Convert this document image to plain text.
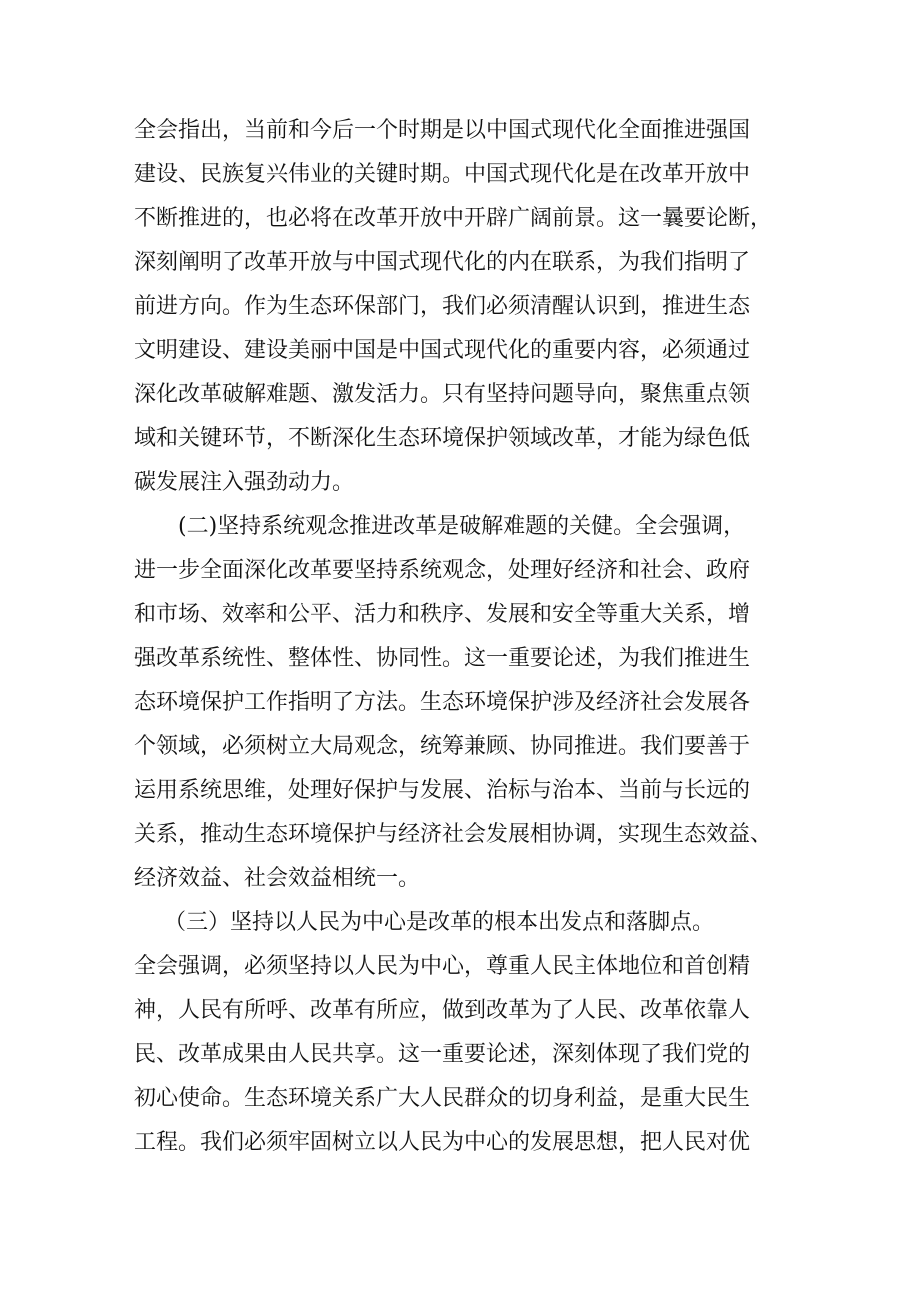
全会指出，当前和今后一个时期是以中国式现代化全面推进强国
建设、民族复兴伟业的关键时期。中国式现代化是在改革开放中
不断推进的，也必将在改革开放中开辟广阔前景。这一曩要论断，
深刻阐明了改革开放与中国式现代化的内在联系，为我们指明了
前进方向。作为生态环保部门，我们必须清醒认识到，推进生态
文明建设、建设美丽中国是中国式现代化的重要内容，必须通过
深化改革破解难题、激发活力。只有坚持问题导向，聚焦重点领
域和关键环节，不断深化生态环境保护领域改革，才能为绿色低
碳发展注入强劲动力。
(二)坚持系统观念推进改革是破解难题的关健。全会强调，
进一步全面深化改革要坚持系统观念，处理好经济和社会、政府
和市场、效率和公平、活力和秩序、发展和安全等重大关系，增
强改革系统性、整体性、协同性。这一重要论述，为我们推进生
态环境保护工作指明了方法。生态环境保护涉及经济社会发展各
个领域，必须树立大局观念，统筹兼顾、协同推进。我们要善于
运用系统思维，处理好保护与发展、治标与治本、当前与长远的
关系，推动生态环境保护与经济社会发展相协调，实现生态效益、
经济效益、社会效益相统一。
（三）坚持以人民为中心是改革的根本出发点和落脚点。
全会强调，必须坚持以人民为中心，尊重人民主体地位和首创精
神，人民有所呼、改革有所应，做到改革为了人民、改革依靠人
民、改革成果由人民共享。这一重要论述，深刻体现了我们党的
初心使命。生态环境关系广大人民群众的切身利益，是重大民生
工程。我们必须牢固树立以人民为中心的发展思想，把人民对优
